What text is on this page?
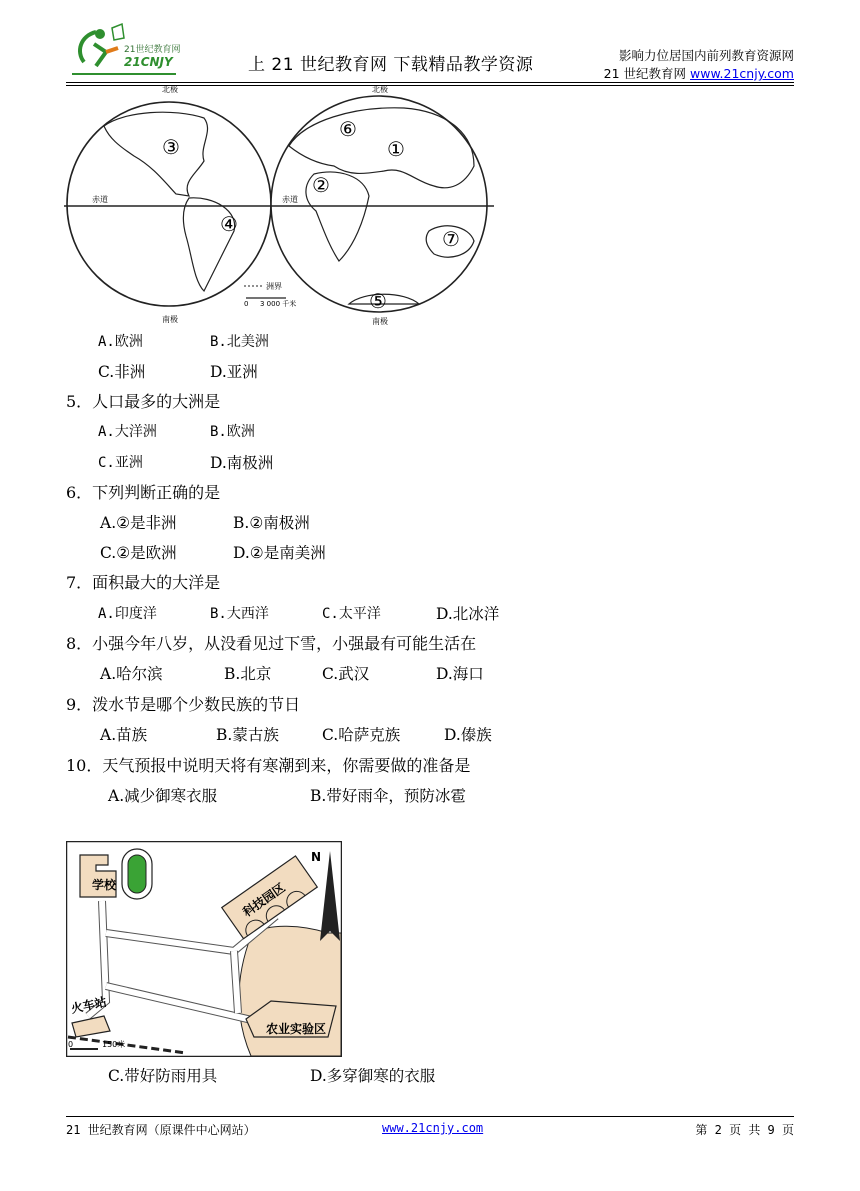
21世纪教育网
21CNJY	上 21 世纪教育网 下载精品教学资源	影响力位居国内前列教育资源网
21 世纪教育网 www.21cnjy.com
北极	北极
南极	南极
赤道	赤道
③
④
①
②
⑥
⑦
⑤
洲界
0 3 000 千米
A.欧洲	B.北美洲
C.非洲	D.亚洲
5．人口最多的大洲是
A.大洋洲	B.欧洲
C.亚洲	D.南极洲
6．下列判断正确的是
A.②是非洲	B.②南极洲
C.②是欧洲	D.②是南美洲
7．面积最大的大洋是
A.印度洋	B.大西洋	C.太平洋	D.北冰洋
8．小强今年八岁，从没看见过下雪，小强最有可能生活在
A.哈尔滨	B.北京	C.武汉	D.海口
9．泼水节是哪个少数民族的节日
A.苗族	B.蒙古族	C.哈萨克族	D.傣族
10．天气预报中说明天将有寒潮到来，你需要做的准备是
A.减少御寒衣服	B.带好雨伞，预防冰雹
学校	科技园区
N
火车站
农业实验区
0	150米
C.带好防雨用具	D.多穿御寒的衣服
21 世纪教育网（原课件中心网站）	www.21cnjy.com	第 2 页 共 9 页
